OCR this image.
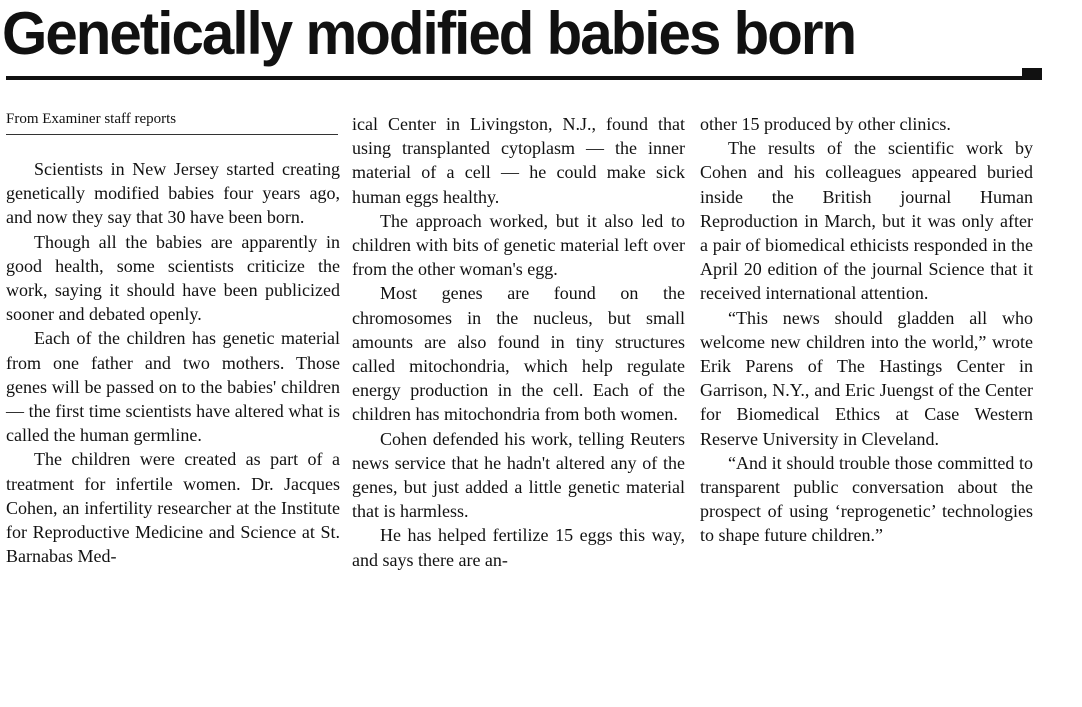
Genetically modified babies born
From Examiner staff reports

Scientists in New Jersey started creating genetically modified babies four years ago, and now they say that 30 have been born.

Though all the babies are apparently in good health, some scientists criticize the work, saying it should have been publicized sooner and debated openly.

Each of the children has genetic material from one father and two mothers. Those genes will be passed on to the babies' children — the first time scientists have altered what is called the human germline.

The children were created as part of a treatment for infertile women. Dr. Jacques Cohen, an infertility researcher at the Institute for Reproductive Medicine and Science at St. Barnabas Med-

ical Center in Livingston, N.J., found that using transplanted cytoplasm — the inner material of a cell — he could make sick human eggs healthy.

The approach worked, but it also led to children with bits of genetic material left over from the other woman's egg.

Most genes are found on the chromosomes in the nucleus, but small amounts are also found in tiny structures called mitochondria, which help regulate energy production in the cell. Each of the children has mitochondria from both women.

Cohen defended his work, telling Reuters news service that he hadn't altered any of the genes, but just added a little genetic material that is harmless.

He has helped fertilize 15 eggs this way, and says there are an-

other 15 produced by other clinics.

The results of the scientific work by Cohen and his colleagues appeared buried inside the British journal Human Reproduction in March, but it was only after a pair of biomedical ethicists responded in the April 20 edition of the journal Science that it received international attention.

“This news should gladden all who welcome new children into the world,” wrote Erik Parens of The Hastings Center in Garrison, N.Y., and Eric Juengst of the Center for Biomedical Ethics at Case Western Reserve University in Cleveland.

“And it should trouble those committed to transparent public conversation about the prospect of using ‘reprogenetic’ technologies to shape future children.”
